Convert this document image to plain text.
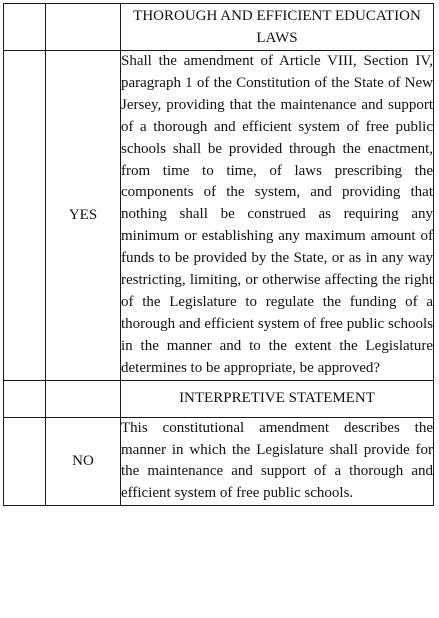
		THOROUGH AND EFFICIENT EDUCATION LAWS
	YES	Shall the amendment of Article VIII, Section IV, paragraph 1 of the Constitution of the State of New Jersey, providing that the maintenance and support of a thorough and efficient system of free public schools shall be provided through the enactment, from time to time, of laws prescribing the components of the system, and providing that nothing shall be construed as requiring any minimum or establishing any maximum amount of funds to be provided by the State, or as in any way restricting, limiting, or otherwise affecting the right of the Legislature to regulate the funding of a thorough and efficient system of free public schools in the manner and to the extent the Legislature determines to be appropriate, be approved?
		INTERPRETIVE STATEMENT
	NO	This constitutional amendment describes the manner in which the Legislature shall provide for the maintenance and support of a thorough and efficient system of free public schools.
